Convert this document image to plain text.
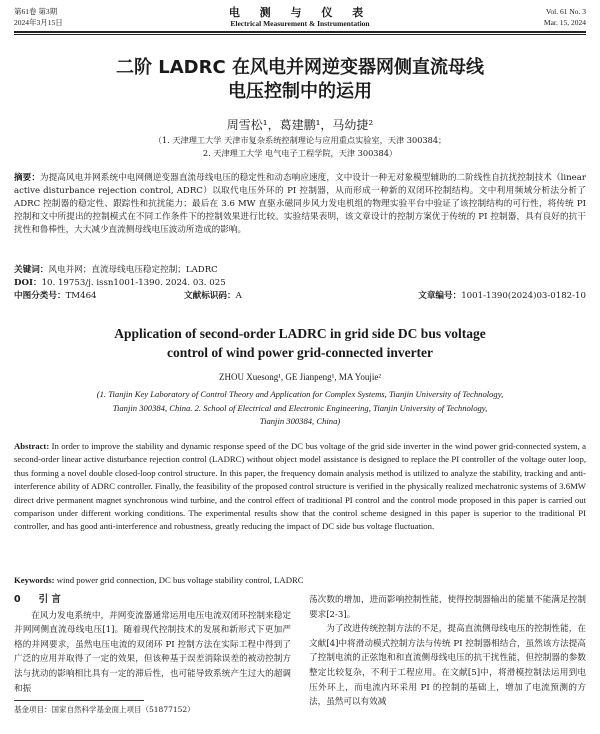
第61卷 第3期
2024年3月15日
电 测 与 仪 表
Electrical Measurement & Instrumentation
Vol. 61 No. 3
Mar. 15, 2024
二阶 LADRC 在风电并网逆变器网侧直流母线
电压控制中的运用
周雪松¹，葛建鹏¹，马幼捷²
（1. 天津理工大学 天津市复杂系统控制理论与应用重点实验室，天津 300384；
2. 天津理工大学 电气电子工程学院，天津 300384）
摘要：为提高风电并网系统中电网侧逆变器直流母线电压的稳定性和动态响应速度，文中设计一种无对象模型辅助的二阶线性自抗扰控制技术（linear active disturbance rejection control, ADRC）以取代电压外环的 PI 控制器，从而形成一种新的双闭环控制结构。文中利用频域分析法分析了 ADRC 控制器的稳定性、跟踪性和抗扰能力；最后在 3.6 MW 直驱永磁同步风力发电机组的物理实验平台中验证了该控制结构的可行性，将传统 PI 控制和文中所提出的控制模式在不同工作条件下的控制效果进行比较。实验结果表明，该文章设计的控制方案优于传统的 PI 控制器，具有良好的抗干扰性和鲁棒性，大大减少直流侧母线电压波动所造成的影响。
关键词：风电并网；直流母线电压稳定控制；LADRC
DOI：10. 19753/j. issn1001-1390. 2024. 03. 025
中图分类号：TM464	文献标识码：A	文章编号：1001-1390(2024)03-0182-10
Application of second-order LADRC in grid side DC bus voltage
control of wind power grid-connected inverter
ZHOU Xuesong¹, GE Jianpeng¹, MA Youjie²
(1. Tianjin Key Laboratory of Control Theory and Application for Complex Systems, Tianjin University of Technology,
Tianjin 300384, China. 2. School of Electrical and Electronic Engineering, Tianjin University of Technology,
Tianjin 300384, China)
Abstract: In order to improve the stability and dynamic response speed of the DC bus voltage of the grid side inverter in the wind power grid-connected system, a second-order linear active disturbance rejection control (LADRC) without object model assistance is designed to replace the PI controller of the voltage outer loop, thus forming a novel double closed-loop control structure. In this paper, the frequency domain analysis method is utilized to analyze the stability, tracking and anti-interference ability of ADRC controller. Finally, the feasibility of the proposed control structure is verified in the physically realized mechatronic systems of 3.6MW direct drive permanent magnet synchronous wind turbine, and the control effect of traditional PI control and the control mode proposed in this paper is carried out comparison under different working conditions. The experimental results show that the control scheme designed in this paper is superior to the traditional PI controller, and has good anti-interference and robustness, greatly reducing the impact of DC side bus voltage fluctuation.
Keywords: wind power grid connection, DC bus voltage stability control, LADRC
0 引 言
在风力发电系统中，并网变流器通常运用电压电流双闭环控制来稳定并网网侧直流母线电压[1]。随着现代控制技术的发展和新形式下更加严格的并网要求，虽然电压电流的双闭环 PI 控制方法在实际工程中得到了广泛的应用并取得了一定的效果，但该种基于误差消除误差的被动控制方法与扰动的影响相比具有一定的滞后性，也可能导致系统产生过大的超调和振
荡次数的增加，进而影响控制性能，使得控制器输出的能量不能满足控制要求[2-3]。
为了改进传统控制方法的不足，提高直流侧母线电压的控制性能，在文献[4]中将滑动模式控制方法与传统 PI 控制器相结合，虽然该方法提高了控制电流的正弦饱和和直流侧母线电压的抗干扰性能，但控制器的参数整定比较复杂，不利于工程应用。在文献[5]中，将滑模控制法运用到电压外环上，而电流内环采用 PI 的控制的基础上，增加了电流预测的方法，虽然可以有效减
基金项目：国家自然科学基金面上项目（51877152）
